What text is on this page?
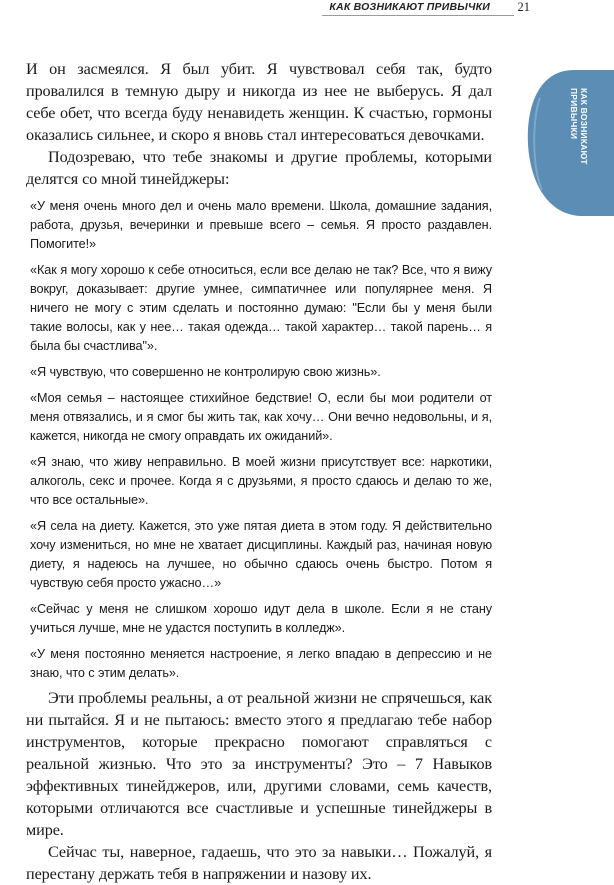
КАК ВОЗНИКАЮТ ПРИВЫЧКИ 21
КАК ВОЗНИКАЮТ ПРИВЫЧКИ

И он засмеялся. Я был убит. Я чувствовал себя так, будто провалился в темную дыру и никогда из нее не выберусь. Я дал себе обет, что всегда буду ненавидеть женщин. К счастью, гормоны оказались сильнее, и скоро я вновь стал интересоваться девочками.

Подозреваю, что тебе знакомы и другие проблемы, которыми делятся со мной тинейджеры:

«У меня очень много дел и очень мало времени. Школа, домашние задания, работа, друзья, вечеринки и превыше всего – семья. Я просто раздавлен. Помогите!»

«Как я могу хорошо к себе относиться, если все делаю не так? Все, что я вижу вокруг, доказывает: другие умнее, симпатичнее или популярнее меня. Я ничего не могу с этим сделать и постоянно думаю: "Если бы у меня были такие волосы, как у нее… такая одежда… такой характер… такой парень… я была бы счастлива"».

«Я чувствую, что совершенно не контролирую свою жизнь».

«Моя семья – настоящее стихийное бедствие! О, если бы мои родители от меня отвязались, и я смог бы жить так, как хочу… Они вечно недовольны, и я, кажется, никогда не смогу оправдать их ожиданий».

«Я знаю, что живу неправильно. В моей жизни присутствует все: наркотики, алкоголь, секс и прочее. Когда я с друзьями, я просто сдаюсь и делаю то же, что все остальные».

«Я села на диету. Кажется, это уже пятая диета в этом году. Я действительно хочу измениться, но мне не хватает дисциплины. Каждый раз, начиная новую диету, я надеюсь на лучшее, но обычно сдаюсь очень быстро. Потом я чувствую себя просто ужасно…»

«Сейчас у меня не слишком хорошо идут дела в школе. Если я не стану учиться лучше, мне не удастся поступить в колледж».

«У меня постоянно меняется настроение, я легко впадаю в депрессию и не знаю, что с этим делать».

Эти проблемы реальны, а от реальной жизни не спрячешься, как ни пытайся. Я и не пытаюсь: вместо этого я предлагаю тебе набор инструментов, которые прекрасно помогают справляться с реальной жизнью. Что это за инструменты? Это – 7 Навыков эффективных тинейджеров, или, другими словами, семь качеств, которыми отличаются все счастливые и успешные тинейджеры в мире.

Сейчас ты, наверное, гадаешь, что это за навыки… Пожалуй, я перестану держать тебя в напряжении и назову их.
